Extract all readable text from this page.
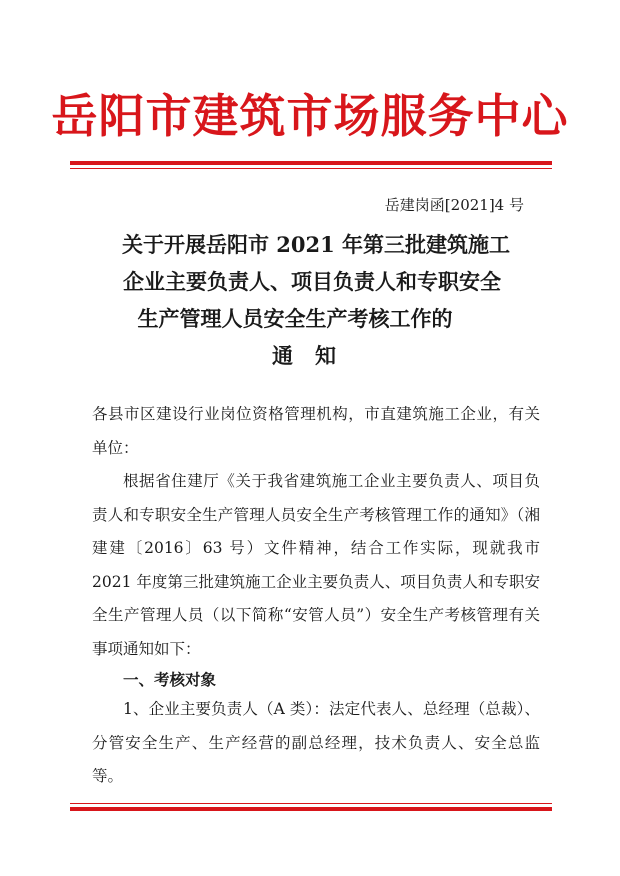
岳阳市建筑市场服务中心
岳建岗函[2021]4 号
关于开展岳阳市 2021 年第三批建筑施工
企业主要负责人、项目负责人和专职安全
生产管理人员安全生产考核工作的
通知
各县市区建设行业岗位资格管理机构，市直建筑施工企业，有关单位：
根据省住建厅《关于我省建筑施工企业主要负责人、项目负责人和专职安全生产管理人员安全生产考核管理工作的通知》（湘建建〔2016〕63 号）文件精神，结合工作实际，现就我市 2021 年度第三批建筑施工企业主要负责人、项目负责人和专职安全生产管理人员（以下简称“安管人员”）安全生产考核管理有关事项通知如下：
一、考核对象
1、企业主要负责人（A 类）：法定代表人、总经理（总裁）、分管安全生产、生产经营的副总经理，技术负责人、安全总监等。
